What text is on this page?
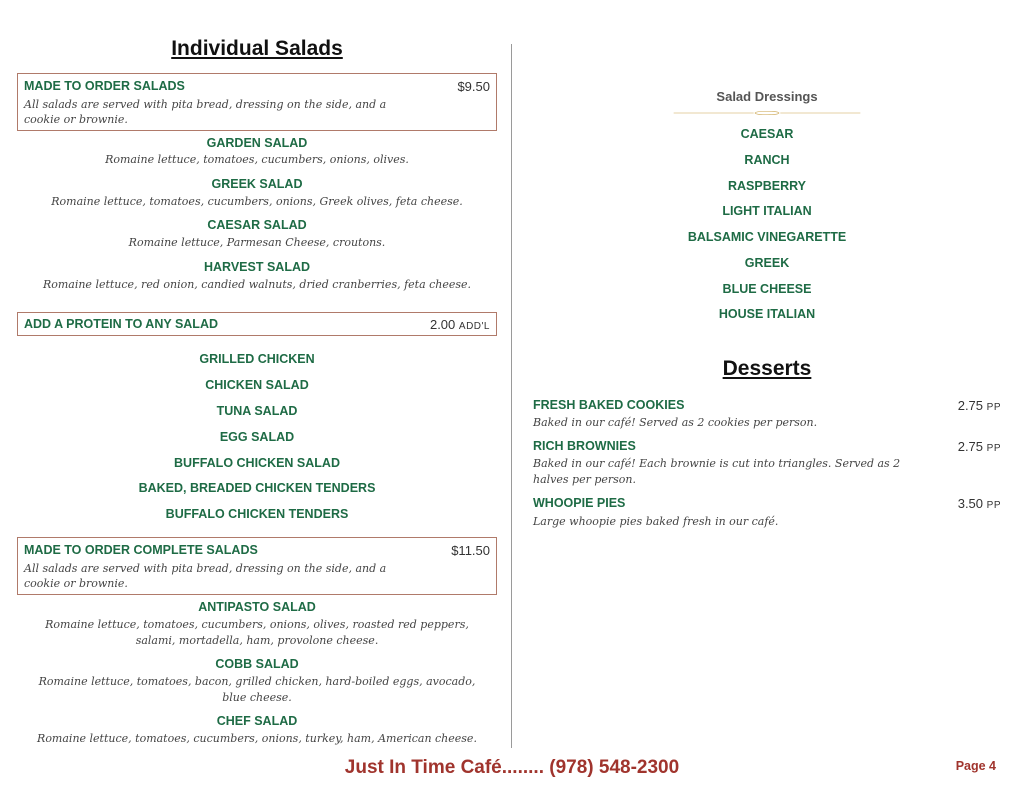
Individual Salads
MADE TO ORDER SALADS	$9.50
All salads are served with pita bread, dressing on the side, and a cookie or brownie.
GARDEN SALAD
Romaine lettuce, tomatoes, cucumbers, onions, olives.
GREEK SALAD
Romaine lettuce, tomatoes, cucumbers, onions, Greek olives, feta cheese.
CAESAR SALAD
Romaine lettuce, Parmesan Cheese, croutons.
HARVEST SALAD
Romaine lettuce, red onion, candied walnuts, dried cranberries, feta cheese.
ADD A PROTEIN TO ANY SALAD	2.00 ADD'L
GRILLED CHICKEN
CHICKEN SALAD
TUNA SALAD
EGG SALAD
BUFFALO CHICKEN SALAD
BAKED, BREADED CHICKEN TENDERS
BUFFALO CHICKEN TENDERS
MADE TO ORDER COMPLETE SALADS	$11.50
All salads are served with pita bread, dressing on the side, and a cookie or brownie.
ANTIPASTO SALAD
Romaine lettuce, tomatoes, cucumbers, onions, olives, roasted red peppers, salami, mortadella, ham, provolone cheese.
COBB SALAD
Romaine lettuce, tomatoes, bacon, grilled chicken, hard-boiled eggs, avocado, blue cheese.
CHEF SALAD
Romaine lettuce, tomatoes, cucumbers, onions, turkey, ham, American cheese.
Salad Dressings
CAESAR
RANCH
RASPBERRY
LIGHT ITALIAN
BALSAMIC VINEGARETTE
GREEK
BLUE CHEESE
HOUSE ITALIAN
Desserts
FRESH BAKED COOKIES	2.75 PP
Baked in our café! Served as 2 cookies per person.
RICH BROWNIES	2.75 PP
Baked in our café! Each brownie is cut into triangles. Served as 2 halves per person.
WHOOPIE PIES	3.50 PP
Large whoopie pies baked fresh in our café.
Just In Time Café........ (978) 548-2300	Page 4
